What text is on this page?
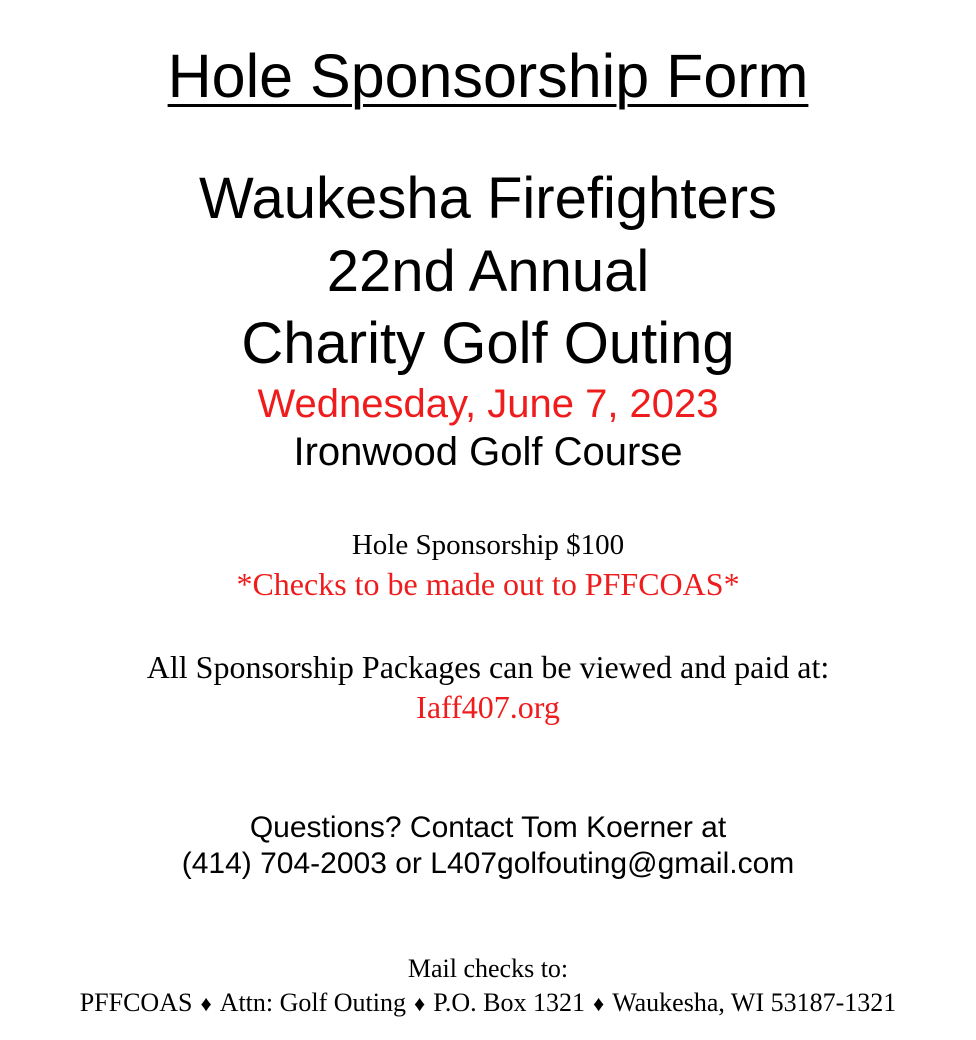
Hole Sponsorship Form
Waukesha Firefighters
22nd Annual
Charity Golf Outing
Wednesday, June 7, 2023
Ironwood Golf Course
Hole Sponsorship $100
*Checks to be made out to PFFCOAS*
All Sponsorship Packages can be viewed and paid at:
Iaff407.org
Questions? Contact Tom Koerner at
(414) 704-2003 or L407golfouting@gmail.com
Mail checks to:
PFFCOAS ♦ Attn: Golf Outing ♦ P.O. Box 1321 ♦ Waukesha, WI 53187-1321
